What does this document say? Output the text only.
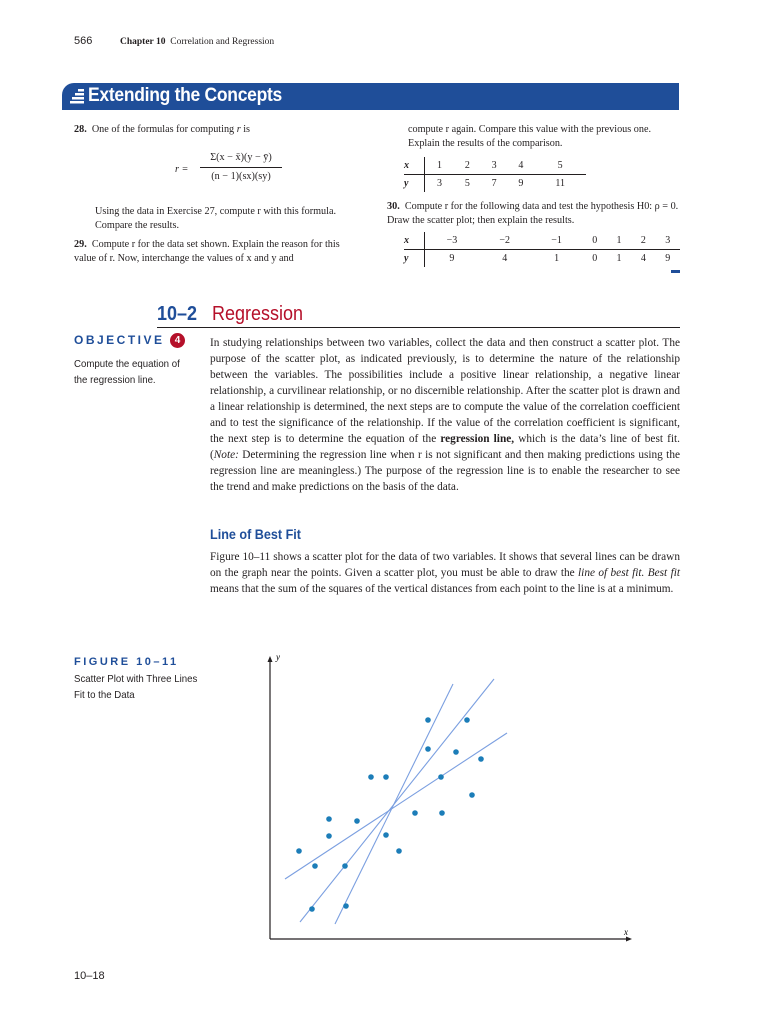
566	Chapter 10 Correlation and Regression
Extending the Concepts
28. One of the formulas for computing r is
r =
Σ(x − x̄)(y − ȳ)
(n − 1)(sx)(sy)
Using the data in Exercise 27, compute r with this formula. Compare the results.
29. Compute r for the data set shown. Explain the reason for this value of r. Now, interchange the values of x and y and
compute r again. Compare this value with the previous one. Explain the results of the comparison.
x	1	2	3	4	5
y	3	5	7	9	11
30. Compute r for the following data and test the hypothesis H0: ρ = 0. Draw the scatter plot; then explain the results.
x	−3	−2	−1	0	1	2	3
y	9	4	1	0	1	4	9
10–2 Regression
OBJECTIVE	4
Compute the equation of the regression line.
In studying relationships between two variables, collect the data and then construct a scatter plot. The purpose of the scatter plot, as indicated previously, is to determine the nature of the relationship between the variables. The possibilities include a positive linear relationship, a negative linear relationship, a curvilinear relationship, or no discernible relationship. After the scatter plot is drawn and a linear relationship is determined, the next steps are to compute the value of the correlation coefficient and to test the significance of the relationship. If the value of the correlation coefficient is significant, the next step is to determine the equation of the regression line, which is the data’s line of best fit. (Note: Determining the regression line when r is not significant and then making predictions using the regression line are meaningless.) The purpose of the regression line is to enable the researcher to see the trend and make predictions on the basis of the data.
Line of Best Fit
Figure 10–11 shows a scatter plot for the data of two variables. It shows that several lines can be drawn on the graph near the points. Given a scatter plot, you must be able to draw the line of best fit. Best fit means that the sum of the squares of the vertical distances from each point to the line is at a minimum.
FIGURE 10–11
Scatter Plot with Three Lines Fit to the Data
x
y
10–18
